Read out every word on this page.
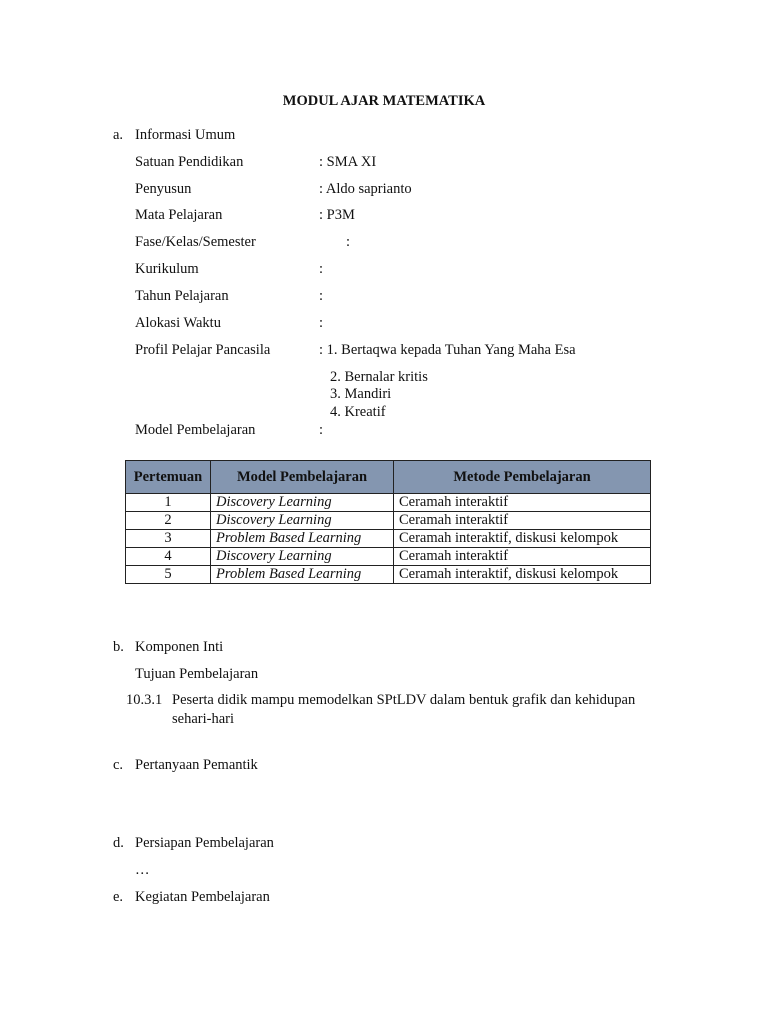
MODUL AJAR MATEMATIKA
a. Informasi Umum
Satuan Pendidikan	: SMA XI
Penyusun	: Aldo saprianto
Mata Pelajaran	: P3M
Fase/Kelas/Semester	:
Kurikulum	:
Tahun Pelajaran	:
Alokasi Waktu	:
Profil Pelajar Pancasila	: 1. Bertaqwa kepada Tuhan Yang Maha Esa
2. Bernalar kritis
3. Mandiri
4. Kreatif
Model Pembelajaran	:
Pertemuan	Model Pembelajaran	Metode Pembelajaran
1	Discovery Learning	Ceramah interaktif
2	Discovery Learning	Ceramah interaktif
3	Problem Based Learning	Ceramah interaktif, diskusi kelompok
4	Discovery Learning	Ceramah interaktif
5	Problem Based Learning	Ceramah interaktif, diskusi kelompok
b. Komponen Inti
Tujuan Pembelajaran
10.3.1 Peserta didik mampu memodelkan SPtLDV dalam bentuk grafik dan kehidupan
sehari-hari
c. Pertanyaan Pemantik
d. Persiapan Pembelajaran
…
e. Kegiatan Pembelajaran
